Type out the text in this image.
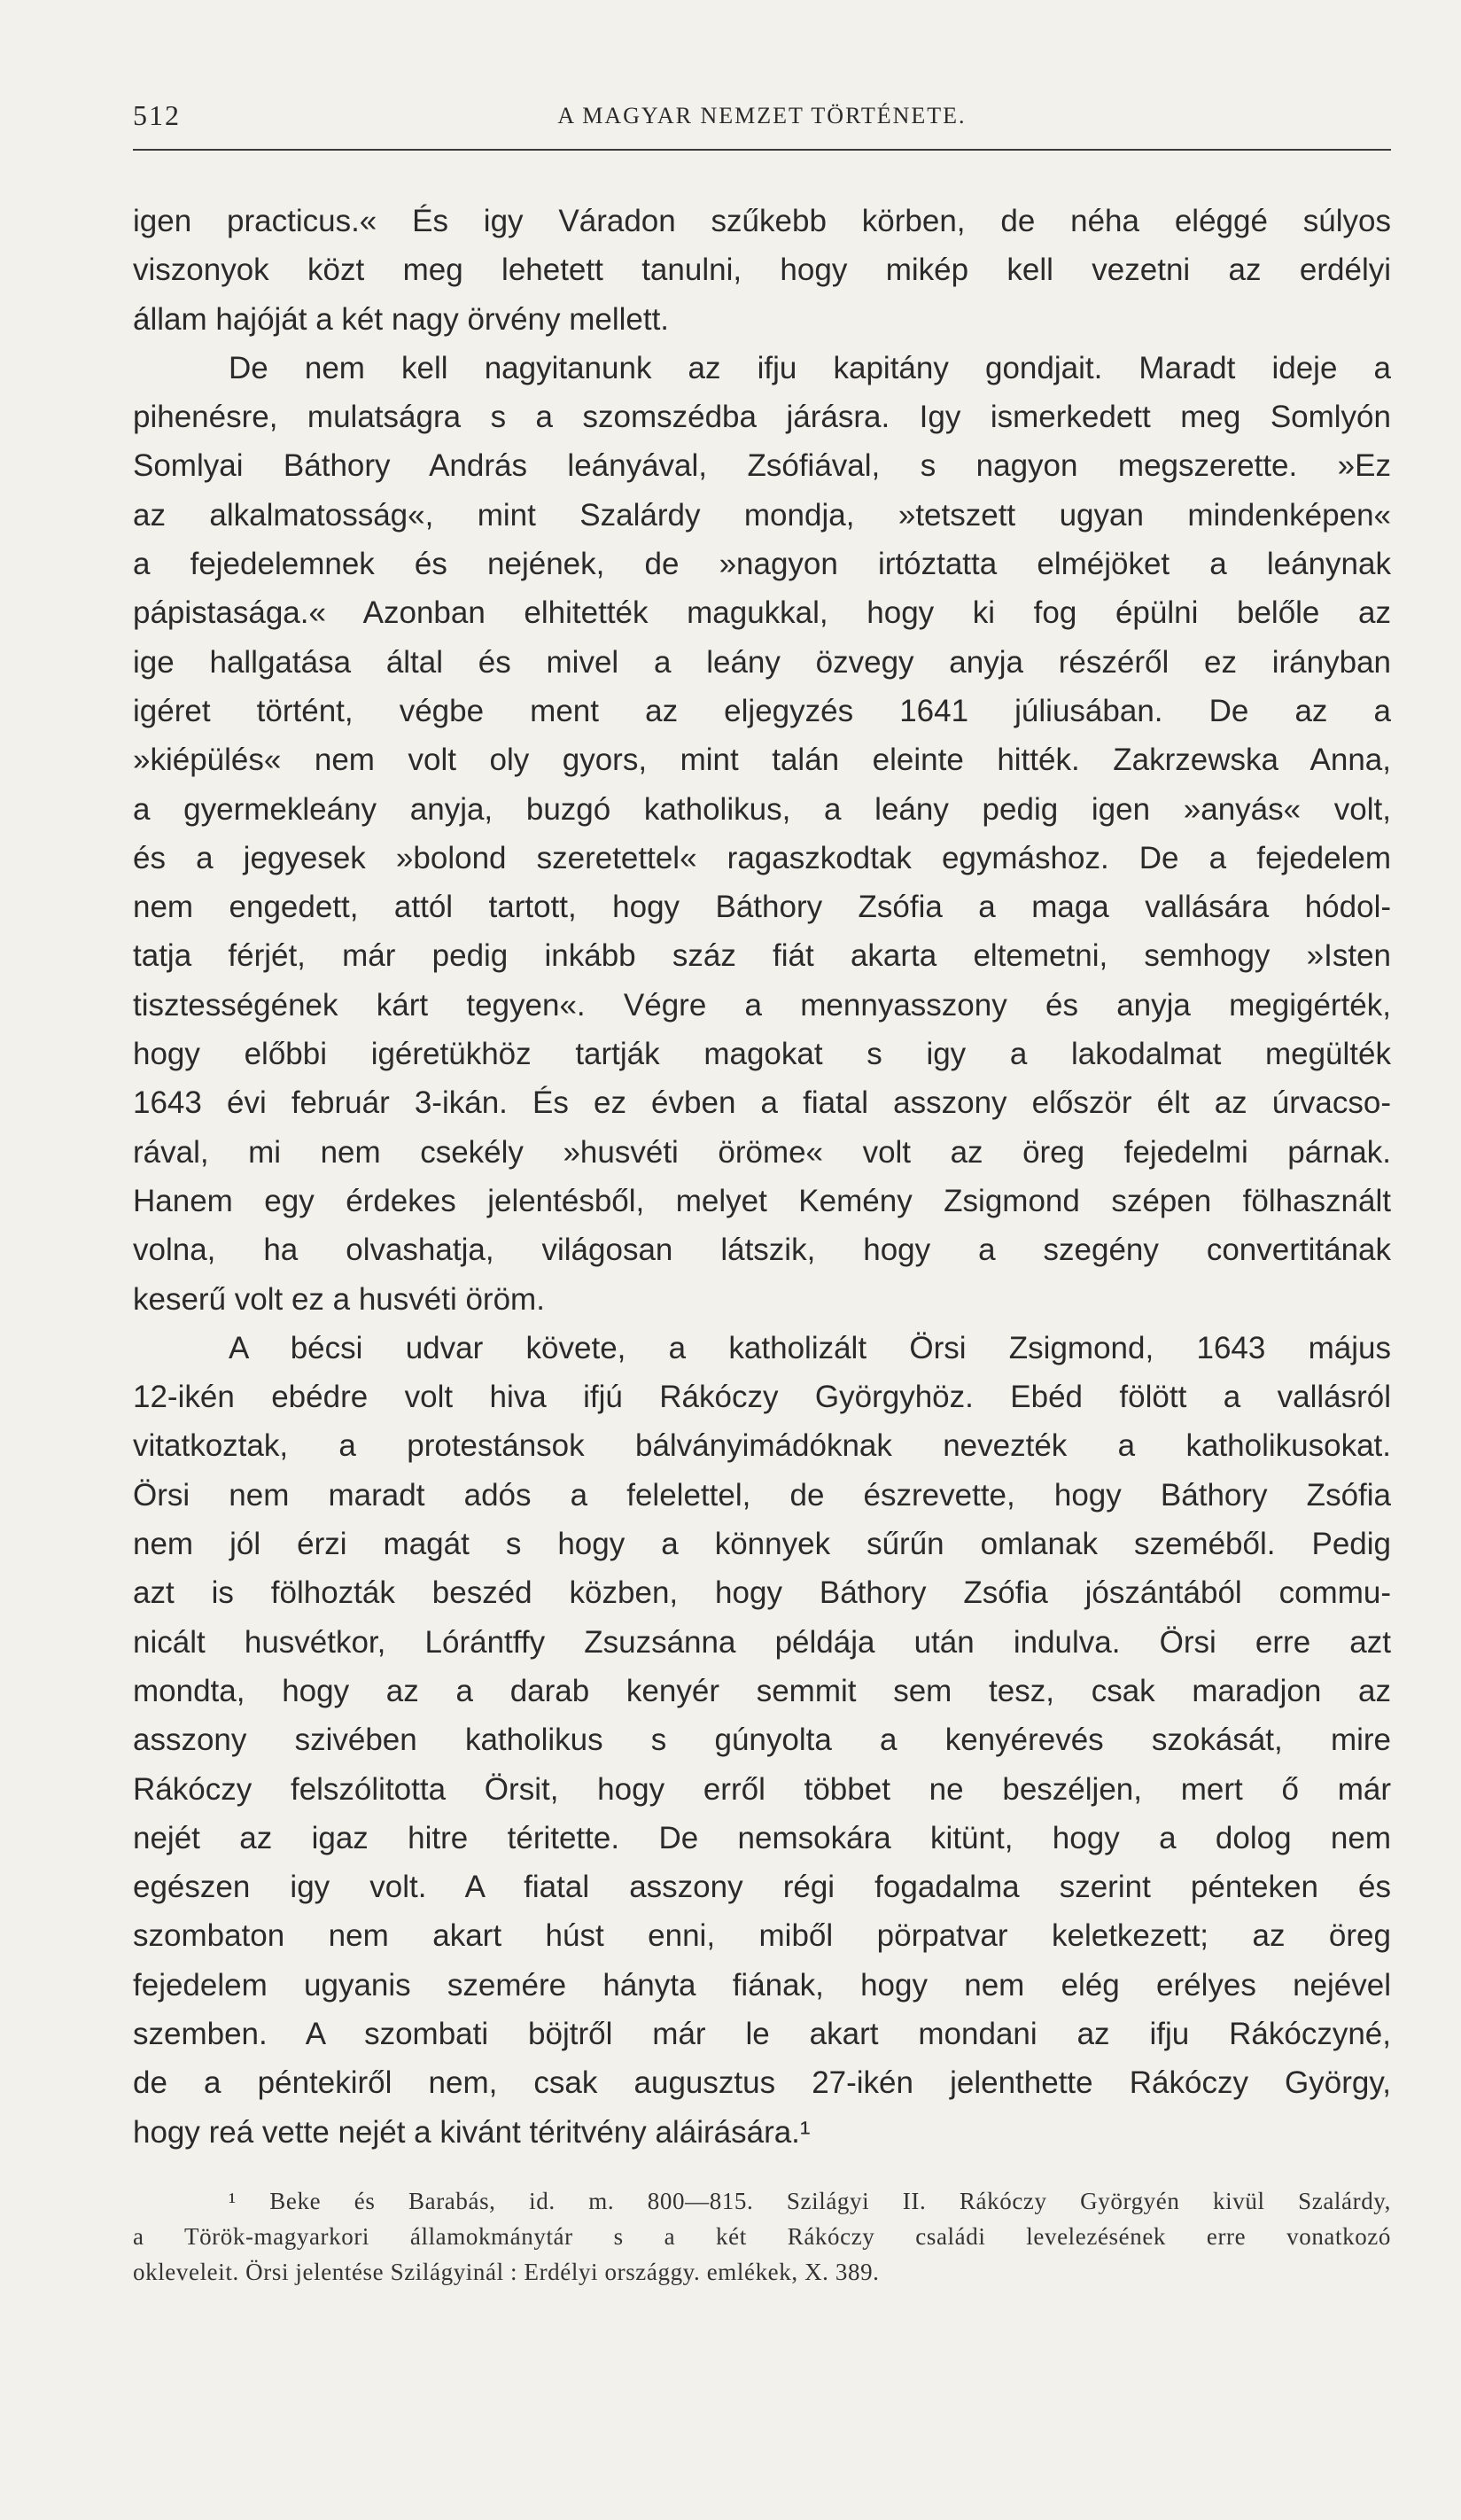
512	A MAGYAR NEMZET TÖRTÉNETE.

igen practicus.« És igy Váradon szűkebb körben, de néha eléggé súlyos

viszonyok közt meg lehetett tanulni, hogy mikép kell vezetni az erdélyi

állam hajóját a két nagy örvény mellett.

De nem kell nagyitanunk az ifju kapitány gondjait. Maradt ideje a

pihenésre, mulatságra s a szomszédba járásra. Igy ismerkedett meg Somlyón

Somlyai Báthory András leányával, Zsófiával, s nagyon megszerette. »Ez

az alkalmatosság«, mint Szalárdy mondja, »tetszett ugyan mindenképen«

a fejedelemnek és nejének, de »nagyon irtóztatta elméjöket a leánynak

pápistasága.« Azonban elhitették magukkal, hogy ki fog épülni belőle az

ige hallgatása által és mivel a leány özvegy anyja részéről ez irányban

igéret történt, végbe ment az eljegyzés 1641 júliusában. De az a

»kiépülés« nem volt oly gyors, mint talán eleinte hitték. Zakrzewska Anna,

a gyermekleány anyja, buzgó katholikus, a leány pedig igen »anyás« volt,

és a jegyesek »bolond szeretettel« ragaszkodtak egymáshoz. De a fejedelem

nem engedett, attól tartott, hogy Báthory Zsófia a maga vallására hódol-

tatja férjét, már pedig inkább száz fiát akarta eltemetni, semhogy »Isten

tisztességének kárt tegyen«. Végre a mennyasszony és anyja megigérték,

hogy előbbi igéretükhöz tartják magokat s igy a lakodalmat megülték

1643 évi február 3-ikán. És ez évben a fiatal asszony először élt az úrvacso-

rával, mi nem csekély »husvéti öröme« volt az öreg fejedelmi párnak.

Hanem egy érdekes jelentésből, melyet Kemény Zsigmond szépen fölhasznált

volna, ha olvashatja, világosan látszik, hogy a szegény convertitának

keserű volt ez a husvéti öröm.

A bécsi udvar követe, a katholizált Örsi Zsigmond, 1643 május

12-ikén ebédre volt hiva ifjú Rákóczy Györgyhöz. Ebéd fölött a vallásról

vitatkoztak, a protestánsok bálványimádóknak nevezték a katholikusokat.

Örsi nem maradt adós a felelettel, de észrevette, hogy Báthory Zsófia

nem jól érzi magát s hogy a könnyek sűrűn omlanak szeméből. Pedig

azt is fölhozták beszéd közben, hogy Báthory Zsófia jószántából commu-

nicált husvétkor, Lórántffy Zsuzsánna példája után indulva. Örsi erre azt

mondta, hogy az a darab kenyér semmit sem tesz, csak maradjon az

asszony szivében katholikus s gúnyolta a kenyérevés szokását, mire

Rákóczy felszólitotta Örsit, hogy erről többet ne beszéljen, mert ő már

nejét az igaz hitre téritette. De nemsokára kitünt, hogy a dolog nem

egészen igy volt. A fiatal asszony régi fogadalma szerint pénteken és

szombaton nem akart húst enni, miből pörpatvar keletkezett; az öreg

fejedelem ugyanis szemére hányta fiának, hogy nem elég erélyes nejével

szemben. A szombati böjtről már le akart mondani az ifju Rákóczyné,

de a péntekiről nem, csak augusztus 27-ikén jelenthette Rákóczy György,

hogy reá vette nejét a kivánt téritvény aláirására.¹

¹ Beke és Barabás, id. m. 800—815. Szilágyi II. Rákóczy Györgyén kivül Szalárdy,

a Török-magyarkori államokmánytár s a két Rákóczy családi levelezésének erre vonatkozó

okleveleit. Örsi jelentése Szilágyinál : Erdélyi országgy. emlékek, X. 389.
